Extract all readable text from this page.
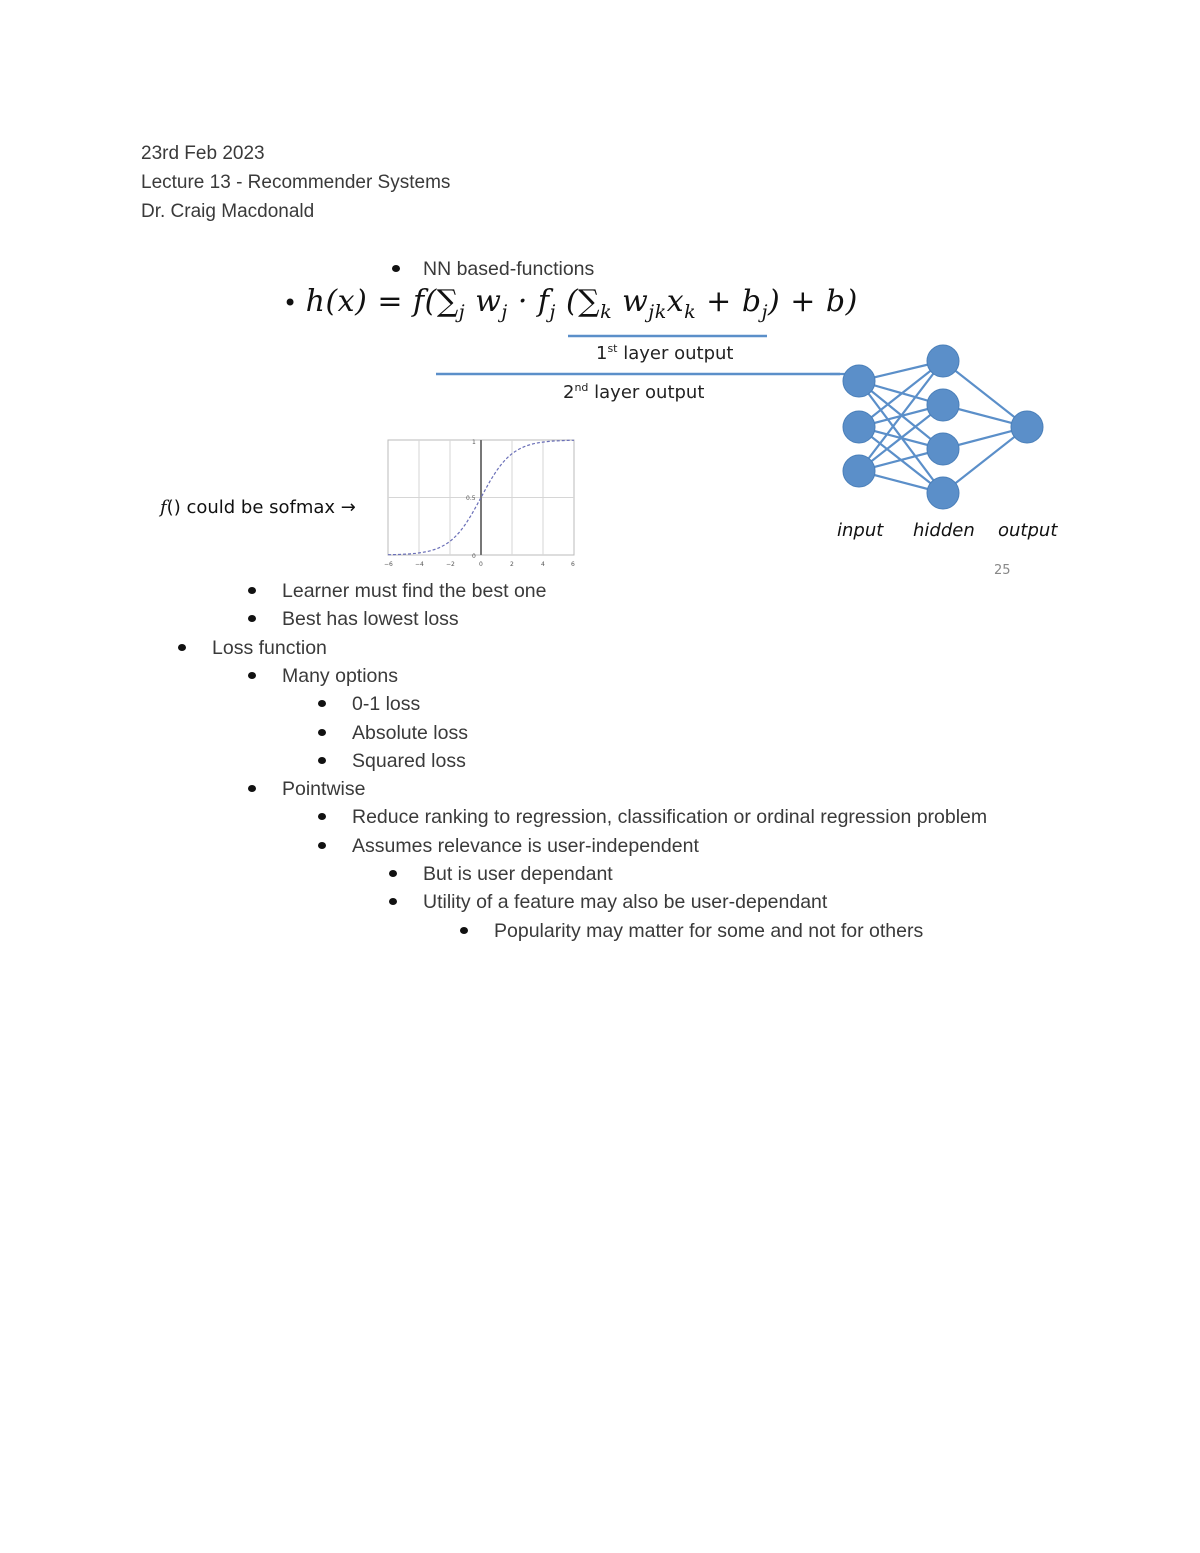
23rd Feb 2023
Lecture 13 - Recommender Systems
Dr. Craig Macdonald
NN based-functions
• $h(x) = f(\sum_j$ $w_j \cdot f_j$ ($\sum_k$ $w_{jk}x_k + b_j) + b$)
1st layer output
2nd layer output
f() could be sofmax →
−6	−4	−2	0	2	4	6
1
0.5
0
input hidden output
25
Learner must find the best one
Best has lowest loss
Loss function
Many options
0-1 loss
Absolute loss
Squared loss
Pointwise
Reduce ranking to regression, classification or ordinal regression problem
Assumes relevance is user-independent
But is user dependant
Utility of a feature may also be user-dependant
Popularity may matter for some and not for others
